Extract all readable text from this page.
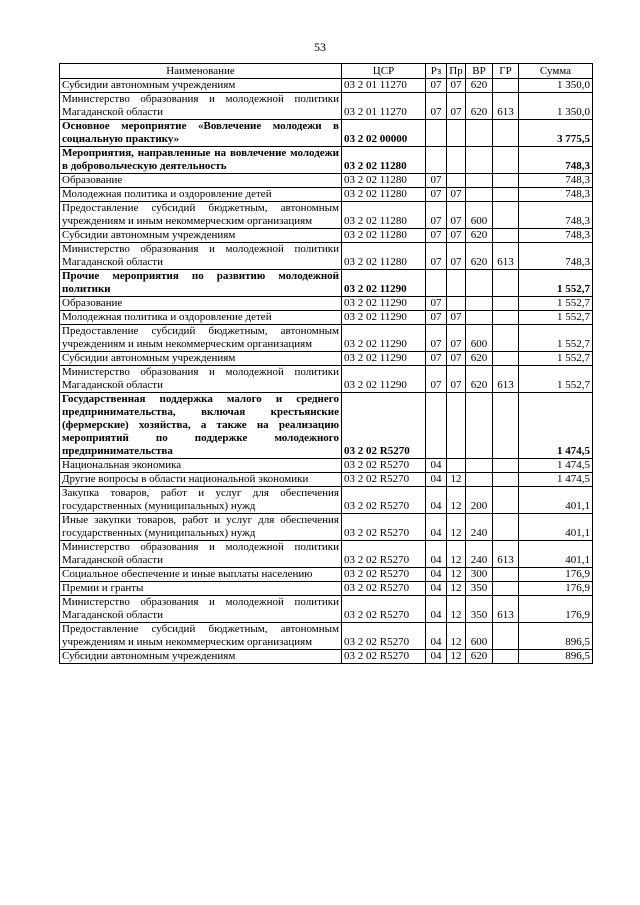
53
Наименование	ЦСР	Рз	Пр	ВР	ГР	Сумма
Субсидии автономным учреждениям	03 2 01 11270	07	07	620		1 350,0
Министерство образования и молодежной политики Магаданской области	03 2 01 11270	07	07	620	613	1 350,0
Основное мероприятие «Вовлечение молодежи в социальную практику»	03 2 02 00000					3 775,5
Мероприятия, направленные на вовлечение молодежи в добровольческую деятельность	03 2 02 11280					748,3
Образование	03 2 02 11280	07				748,3
Молодежная политика и оздоровление детей	03 2 02 11280	07	07			748,3
Предоставление субсидий бюджетным, автономным учреждениям и иным некоммерческим организациям	03 2 02 11280	07	07	600		748,3
Субсидии автономным учреждениям	03 2 02 11280	07	07	620		748,3
Министерство образования и молодежной политики Магаданской области	03 2 02 11280	07	07	620	613	748,3
Прочие мероприятия по развитию молодежной политики	03 2 02 11290					1 552,7
Образование	03 2 02 11290	07				1 552,7
Молодежная политика и оздоровление детей	03 2 02 11290	07	07			1 552,7
Предоставление субсидий бюджетным, автономным учреждениям и иным некоммерческим организациям	03 2 02 11290	07	07	600		1 552,7
Субсидии автономным учреждениям	03 2 02 11290	07	07	620		1 552,7
Министерство образования и молодежной политики Магаданской области	03 2 02 11290	07	07	620	613	1 552,7
Государственная поддержка малого и среднего предпринимательства, включая крестьянские (фермерские) хозяйства, а также на реализацию мероприятий по поддержке молодежного предпринимательства	03 2 02 R5270					1 474,5
Национальная экономика	03 2 02 R5270	04				1 474,5
Другие вопросы в области национальной экономики	03 2 02 R5270	04	12			1 474,5
Закупка товаров, работ и услуг для обеспечения государственных (муниципальных) нужд	03 2 02 R5270	04	12	200		401,1
Иные закупки товаров, работ и услуг для обеспечения государственных (муниципальных) нужд	03 2 02 R5270	04	12	240		401,1
Министерство образования и молодежной политики Магаданской области	03 2 02 R5270	04	12	240	613	401,1
Социальное обеспечение и иные выплаты населению	03 2 02 R5270	04	12	300		176,9
Премии и гранты	03 2 02 R5270	04	12	350		176,9
Министерство образования и молодежной политики Магаданской области	03 2 02 R5270	04	12	350	613	176,9
Предоставление субсидий бюджетным, автономным учреждениям и иным некоммерческим организациям	03 2 02 R5270	04	12	600		896,5
Субсидии автономным учреждениям	03 2 02 R5270	04	12	620		896,5
